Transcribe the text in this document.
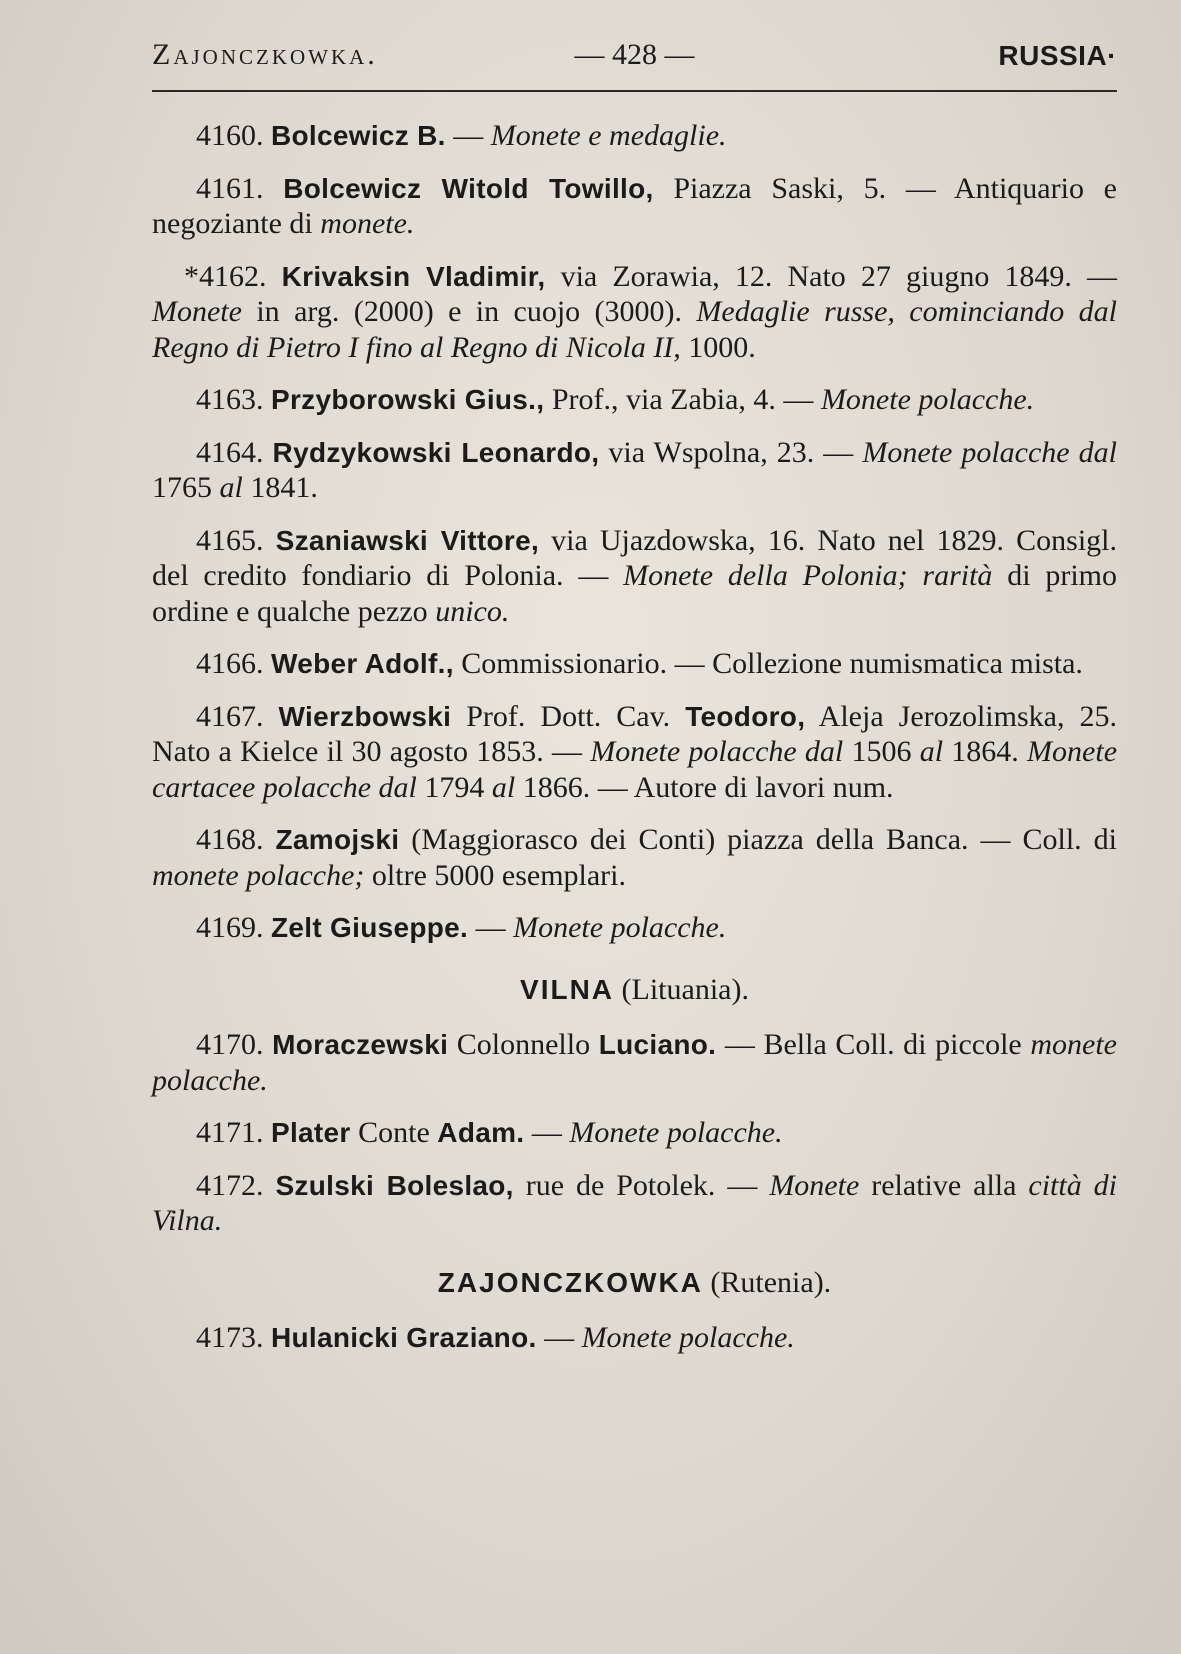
Zajonczkowka.	— 428 —	RUSSIA·

4160. Bolcewicz B. — Monete e medaglie.

4161. Bolcewicz Witold Towillo, Piazza Saski, 5. — Antiquario e negoziante di monete.

*4162. Krivaksin Vladimir, via Zorawia, 12. Nato 27 giugno 1849. — Monete in arg. (2000) e in cuojo (3000). Medaglie russe, cominciando dal Regno di Pietro I fino al Regno di Nicola II, 1000.

4163. Przyborowski Gius., Prof., via Zabia, 4. — Monete polacche.

4164. Rydzykowski Leonardo, via Wspolna, 23. — Monete polacche dal 1765 al 1841.

4165. Szaniawski Vittore, via Ujazdowska, 16. Nato nel 1829. Consigl. del credito fondiario di Polonia. — Monete della Polonia; rarità di primo ordine e qualche pezzo unico.

4166. Weber Adolf., Commissionario. — Collezione numismatica mista.

4167. Wierzbowski Prof. Dott. Cav. Teodoro, Aleja Jerozolimska, 25. Nato a Kielce il 30 agosto 1853. — Monete polacche dal 1506 al 1864. Monete cartacee polacche dal 1794 al 1866. — Autore di lavori num.

4168. Zamojski (Maggiorasco dei Conti) piazza della Banca. — Coll. di monete polacche; oltre 5000 esemplari.

4169. Zelt Giuseppe. — Monete polacche.

VILNA (Lituania).

4170. Moraczewski Colonnello Luciano. — Bella Coll. di piccole monete polacche.

4171. Plater Conte Adam. — Monete polacche.

4172. Szulski Boleslao, rue de Potolek. — Monete relative alla città di Vilna.

ZAJONCZKOWKA (Rutenia).

4173. Hulanicki Graziano. — Monete polacche.
